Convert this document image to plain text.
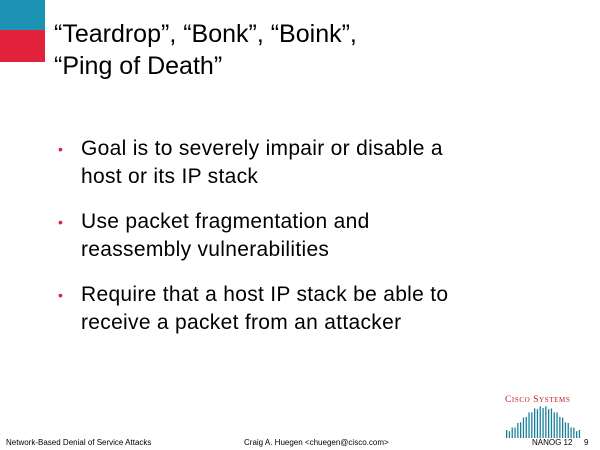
“Teardrop”, “Bonk”, “Boink”,
“Ping of Death”
• Goal is to severely impair or disable a
host or its IP stack
• Use packet fragmentation and
reassembly vulnerabilities
• Require that a host IP stack be able to
receive a packet from an attacker
Cisco Systems
Network-Based Denial of Service Attacks	Craig A. Huegen <chuegen@cisco.com>	NANOG 12 9
